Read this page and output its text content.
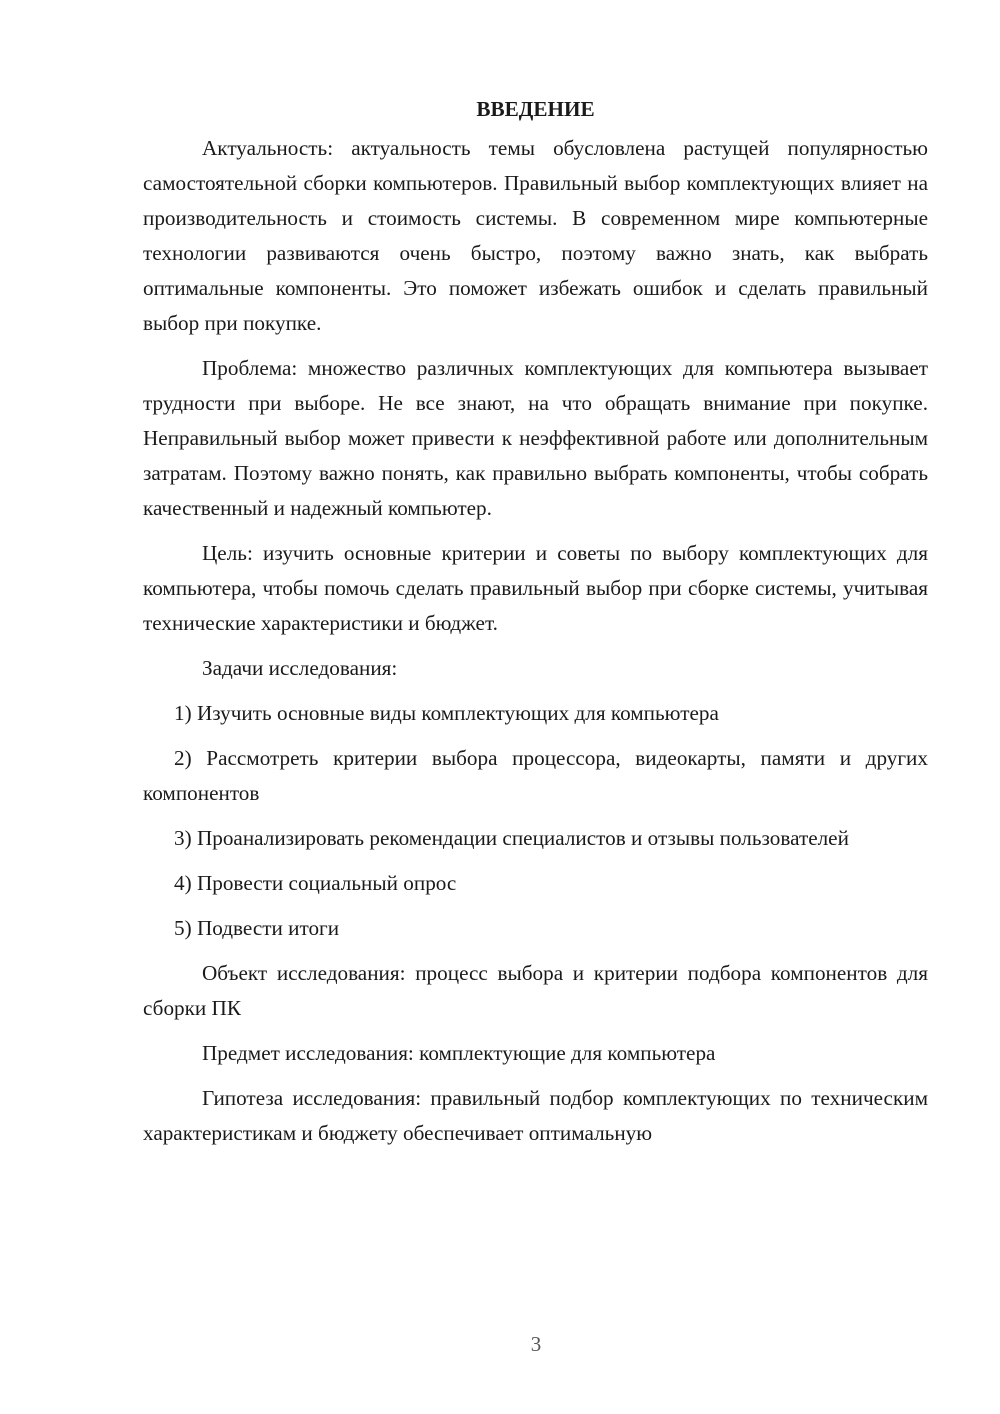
ВВЕДЕНИЕ

Актуальность: актуальность темы обусловлена растущей популярностью самостоятельной сборки компьютеров. Правильный выбор комплектующих влияет на производительность и стоимость системы. В современном мире компьютерные технологии развиваются очень быстро, поэтому важно знать, как выбрать оптимальные компоненты. Это поможет избежать ошибок и сделать правильный выбор при покупке.

Проблема: множество различных комплектующих для компьютера вызывает трудности при выборе. Не все знают, на что обращать внимание при покупке. Неправильный выбор может привести к неэффективной работе или дополнительным затратам. Поэтому важно понять, как правильно выбрать компоненты, чтобы собрать качественный и надежный компьютер.

Цель: изучить основные критерии и советы по выбору комплектующих для компьютера, чтобы помочь сделать правильный выбор при сборке системы, учитывая технические характеристики и бюджет.

Задачи исследования:

1) Изучить основные виды комплектующих для компьютера

2) Рассмотреть критерии выбора процессора, видеокарты, памяти и других компонентов

3) Проанализировать рекомендации специалистов и отзывы пользователей

4) Провести социальный опрос

5) Подвести итоги

Объект исследования: процесс выбора и критерии подбора компонентов для сборки ПК

Предмет исследования: комплектующие для компьютера

Гипотеза исследования: правильный подбор комплектующих по техническим характеристикам и бюджету обеспечивает оптимальную

3
